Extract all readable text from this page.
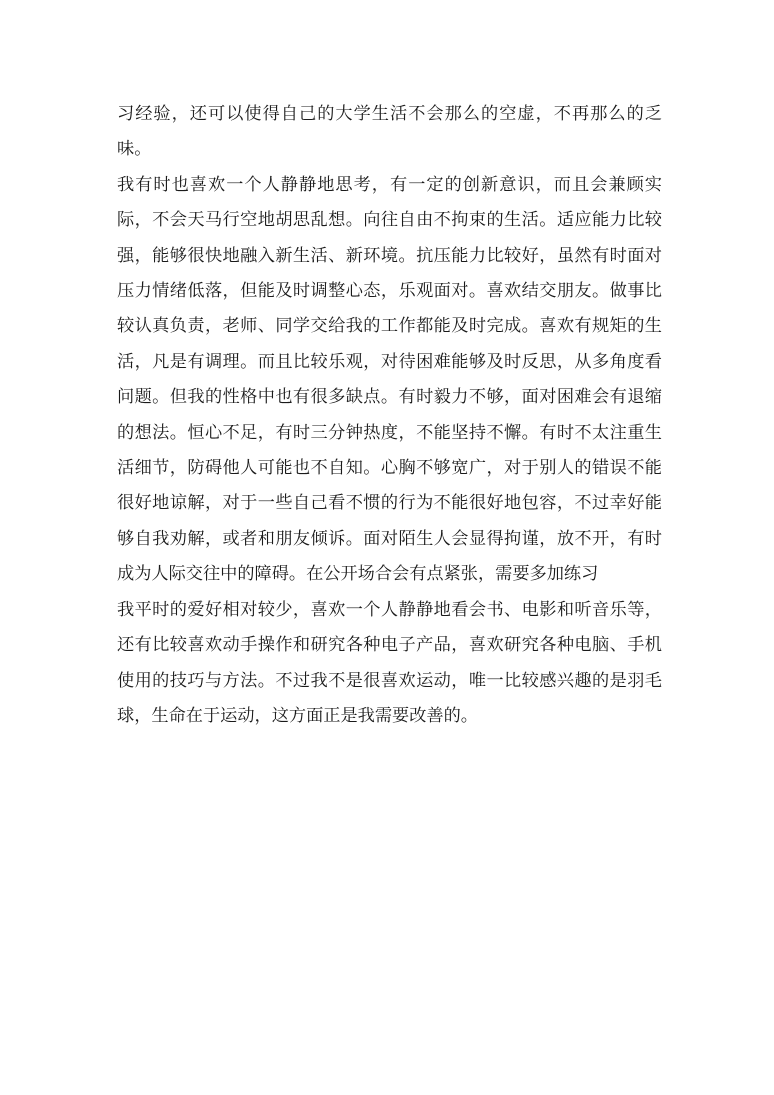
习经验，还可以使得自己的大学生活不会那么的空虚，不再那么的乏味。

我有时也喜欢一个人静静地思考，有一定的创新意识，而且会兼顾实际，不会天马行空地胡思乱想。向往自由不拘束的生活。适应能力比较强，能够很快地融入新生活、新环境。抗压能力比较好，虽然有时面对压力情绪低落，但能及时调整心态，乐观面对。喜欢结交朋友。做事比较认真负责，老师、同学交给我的工作都能及时完成。喜欢有规矩的生活，凡是有调理。而且比较乐观，对待困难能够及时反思，从多角度看问题。但我的性格中也有很多缺点。有时毅力不够，面对困难会有退缩的想法。恒心不足，有时三分钟热度，不能坚持不懈。有时不太注重生活细节，防碍他人可能也不自知。心胸不够宽广，对于别人的错误不能很好地谅解，对于一些自己看不惯的行为不能很好地包容，不过幸好能够自我劝解，或者和朋友倾诉。面对陌生人会显得拘谨，放不开，有时成为人际交往中的障碍。在公开场合会有点紧张，需要多加练习

我平时的爱好相对较少，喜欢一个人静静地看会书、电影和听音乐等，还有比较喜欢动手操作和研究各种电子产品，喜欢研究各种电脑、手机使用的技巧与方法。不过我不是很喜欢运动，唯一比较感兴趣的是羽毛球，生命在于运动，这方面正是我需要改善的。
